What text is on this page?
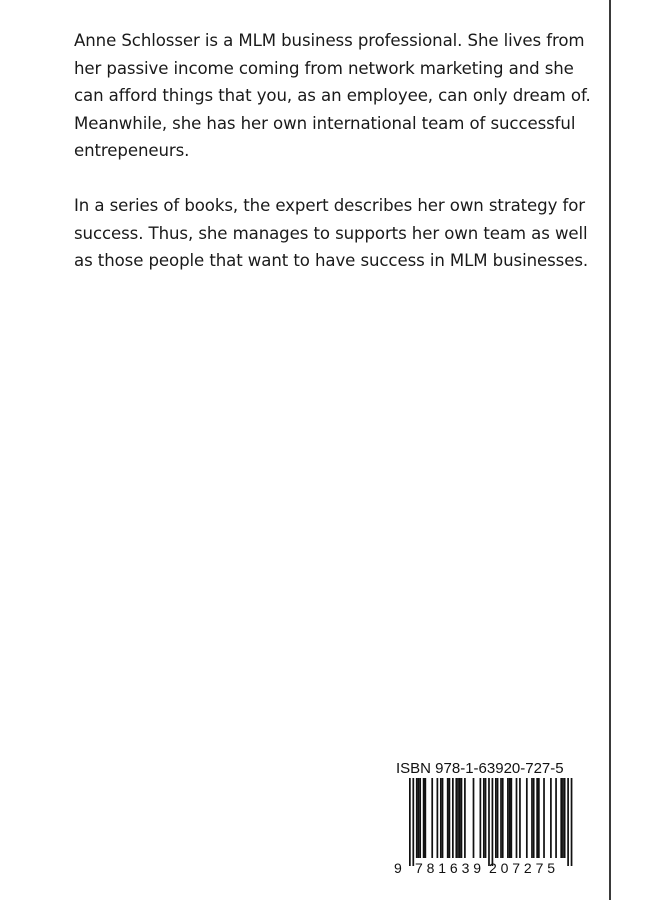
Anne Schlosser is a MLM business professional. She lives from
her passive income coming from network marketing and she
can afford things that you, as an employee, can only dream of.
Meanwhile, she has her own international team of successful
entrepeneurs.

In a series of books, the expert describes her own strategy for
success. Thus, she manages to supports her own team as well
as those people that want to have success in MLM businesses.

ISBN 978-1-63920-727-5
9 781639 207275
